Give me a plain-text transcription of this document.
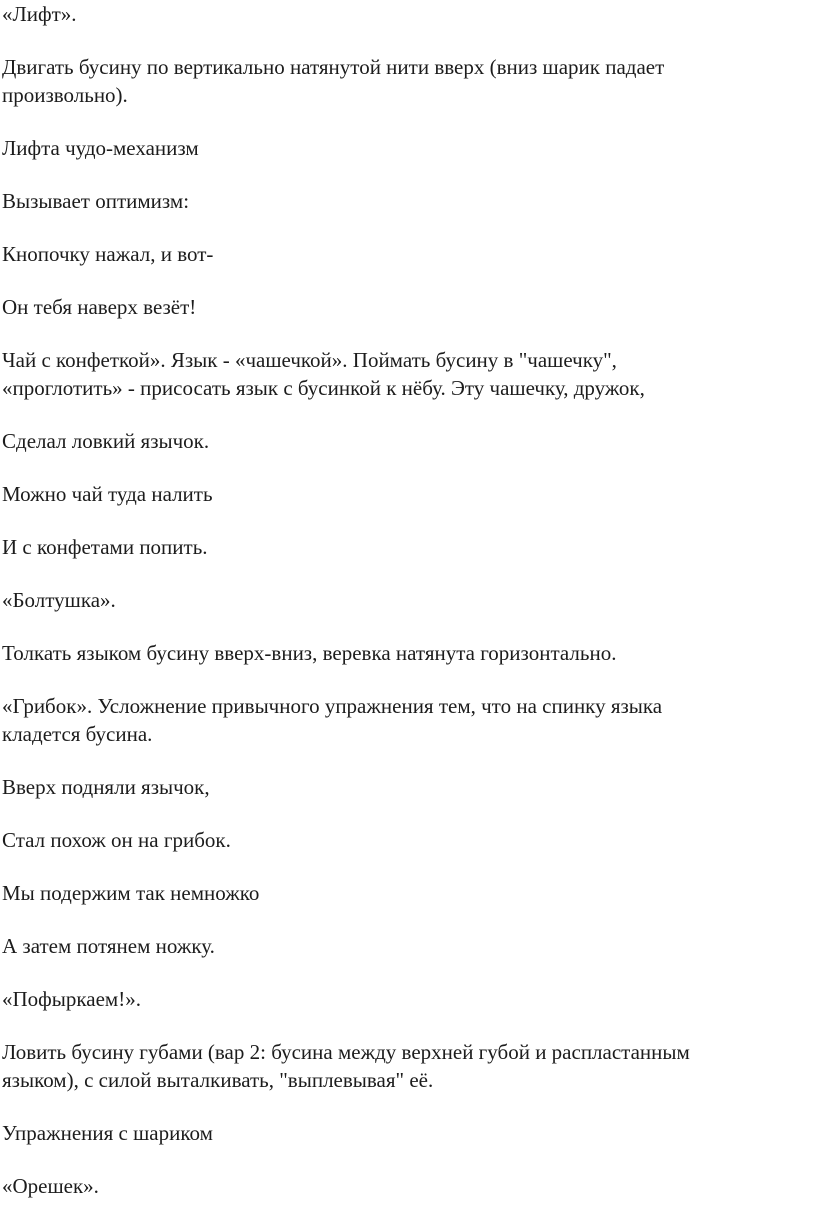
«Лифт».

Двигать бусину по вертикально натянутой нити вверх (вниз шарик падает
произвольно).

Лифта чудо-механизм

Вызывает оптимизм:

Кнопочку нажал, и вот-

Он тебя наверх везёт!

Чай с конфеткой». Язык - «чашечкой». Поймать бусину в "чашечку",
«проглотить» - присосать язык с бусинкой к нёбу. Эту чашечку, дружок,

Сделал ловкий язычок.

Можно чай туда налить

И с конфетами попить.

«Болтушка».

Толкать языком бусину вверх-вниз, веревка натянута горизонтально.

«Грибок». Усложнение привычного упражнения тем, что на спинку языка
кладется бусина.

Вверх подняли язычок,

Стал похож он на грибок.

Мы подержим так немножко

А затем потянем ножку.

«Пофыркаем!».

Ловить бусину губами (вар 2: бусина между верхней губой и распластанным
языком), с силой выталкивать, "выплевывая" её.

Упражнения с шариком

«Орешек».
